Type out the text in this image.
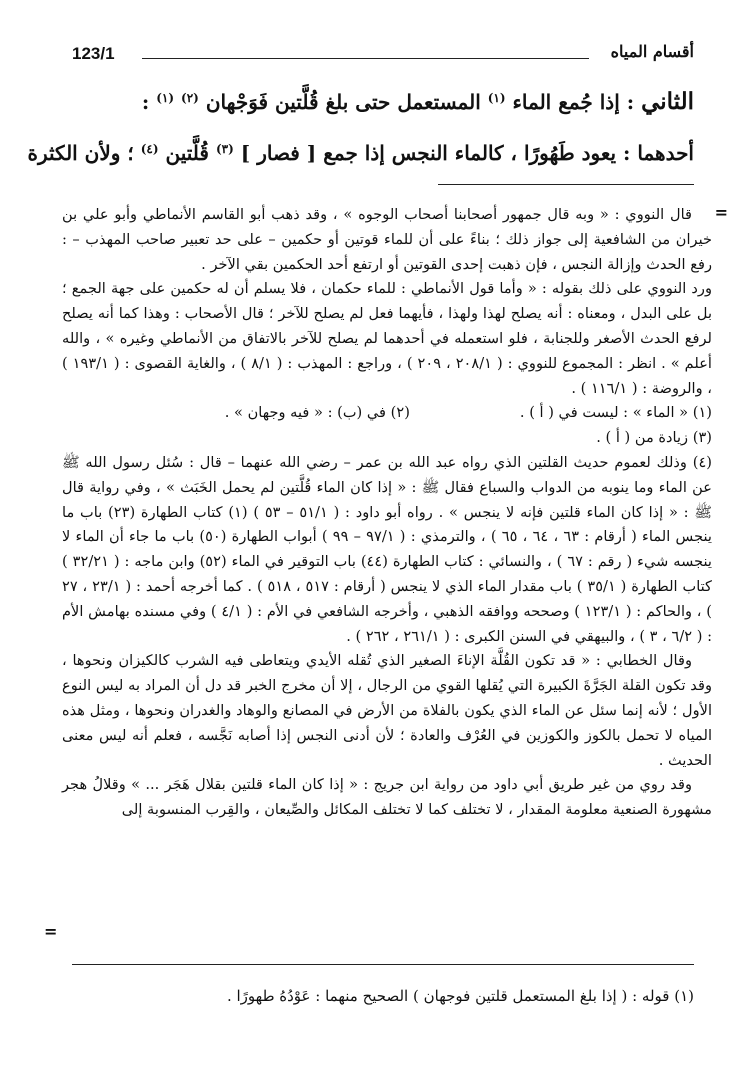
123/1	أقسام المياه
الثاني : إذا جُمع الماء $^{(١)}$ المستعمل حتى بلغ قُلَّتين فَوَجْهان $^{(٢)}$ $^{(١)}$ :
أحدهما : يعود طَهُورًا ، كالماء النجس إذا جمع [ فصار ] $^{(٣)}$ قُلَّتين $^{(٤)}$ ؛ ولأن الكثرة
=

قال النووي : « وبه قال جمهور أصحابنا أصحاب الوجوه » ، وقد ذهب أبو القاسم الأنماطي وأبو علي بن خيران من الشافعية إلى جواز ذلك ؛ بناءً على أن للماء قوتين أو حكمين – على حد تعبير صاحب المهذب – : رفع الحدث وإزالة النجس ، فإن ذهبت إحدى القوتين أو ارتفع أحد الحكمين بقي الآخر .

ورد النووي على ذلك بقوله : « وأما قول الأنماطي : للماء حكمان ، فلا يسلم أن له حكمين على جهة الجمع ؛ بل على البدل ، ومعناه : أنه يصلح لهذا ولهذا ، فأيهما فعل لم يصلح للآخر ؛ قال الأصحاب : وهذا كما أنه يصلح لرفع الحدث الأصغر وللجنابة ، فلو استعمله في أحدهما لم يصلح للآخر بالاتفاق من الأنماطي وغيره » ، والله أعلم » . انظر : المجموع للنووي : ( ٢٠٨/١ ، ٢٠٩ ) ، وراجع : المهذب : ( ٨/١ ) ، والغاية القصوى : ( ١٩٣/١ ) ، والروضة : ( ١١٦/١ ) .

(١) « الماء » : ليست في ( أ ) .
(٢) في (ب) : « فيه وجهان » .

(٣) زيادة من ( أ ) .

(٤) وذلك لعموم حديث القلتين الذي رواه عبد الله بن عمر – رضي الله عنهما – قال : سُئل رسول الله ﷺ عن الماء وما ينوبه من الدواب والسباع فقال ﷺ : « إذا كان الماء قُلَّتين لم يحمل الخَبَث » ، وفي رواية قال ﷺ : « إذا كان الماء قلتين فإنه لا ينجس » . رواه أبو داود : ( ٥١/١ – ٥٣ ) (١) كتاب الطهارة (٢٣) باب ما ينجس الماء ( أرقام : ٦٣ ، ٦٤ ، ٦٥ ) ، والترمذي : ( ٩٧/١ – ٩٩ ) أبواب الطهارة (٥٠) باب ما جاء أن الماء لا ينجسه شيء ( رقم : ٦٧ ) ، والنسائي : كتاب الطهارة (٤٤) باب التوقير في الماء (٥٢) وابن ماجه : ( ٣٢/٢١ ) كتاب الطهارة ( ٣٥/١ ) باب مقدار الماء الذي لا ينجس ( أرقام : ٥١٧ ، ٥١٨ ) . كما أخرجه أحمد : ( ٢٣/١ ، ٢٧ ) ، والحاكم : ( ١٢٣/١ ) وصححه ووافقه الذهبي ، وأخرجه الشافعي في الأم : ( ٤/١ ) وفي مسنده بهامش الأم : ( ٦/٢ ، ٣ ) ، والبيهقي في السنن الكبرى : ( ٢٦١/١ ، ٢٦٢ ) .

وقال الخطابي : « قد تكون القُلَّة الإناءَ الصغير الذي تُقله الأيدي ويتعاطى فيه الشرب كالكيزان ونحوها ، وقد تكون القلة الجَرَّةَ الكبيرة التي يُقلها القوي من الرجال ، إلا أن مخرج الخبر قد دل أن المراد به ليس النوع الأول ؛ لأنه إنما سئل عن الماء الذي يكون بالفلاة من الأرض في المصانع والوهاد والغدران ونحوها ، ومثل هذه المياه لا تحمل بالكوز والكوزين في العُرْف والعادة ؛ لأن أدنى النجس إذا أصابه نَجَّسه ، فعلم أنه ليس معنى الحديث .

وقد روي من غير طريق أبي داود من رواية ابن جريج : « إذا كان الماء قلتين بقلال هَجَر ... » وقلالُ هجر مشهورة الصنعية معلومة المقدار ، لا تختلف كما لا تختلف المكائل والصِّيعان ، والقِرب المنسوبة إلى

=
(١) قوله : ( إذا بلغ المستعمل قلتين فوجهان ) الصحيح منهما : عَوْدُهُ طهورًا .
